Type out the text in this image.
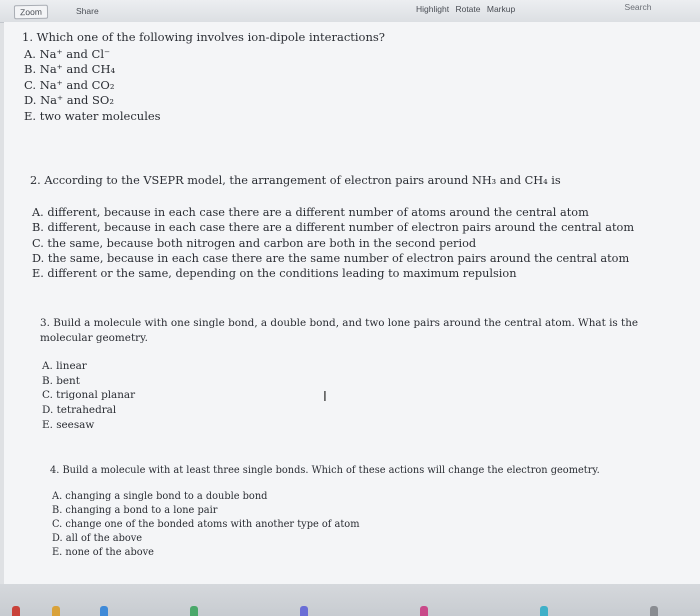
Zoom	Share	Highlight Rotate Markup	Search
1. Which one of the following involves ion-dipole interactions?
A. Na⁺ and Cl⁻
B. Na⁺ and CH₄
C. Na⁺ and CO₂
D. Na⁺ and SO₂
E. two water molecules
2. According to the VSEPR model, the arrangement of electron pairs around NH₃ and CH₄ is
A. different, because in each case there are a different number of atoms around the central atom
B. different, because in each case there are a different number of electron pairs around the central atom
C. the same, because both nitrogen and carbon are both in the second period
D. the same, because in each case there are the same number of electron pairs around the central atom
E. different or the same, depending on the conditions leading to maximum repulsion
3. Build a molecule with one single bond, a double bond, and two lone pairs around the central atom. What is the molecular geometry.
A. linear
B. bent
C. trigonal planar
D. tetrahedral
E. seesaw
I
4. Build a molecule with at least three single bonds. Which of these actions will change the electron geometry.
A. changing a single bond to a double bond
B. changing a bond to a lone pair
C. change one of the bonded atoms with another type of atom
D. all of the above
E. none of the above
